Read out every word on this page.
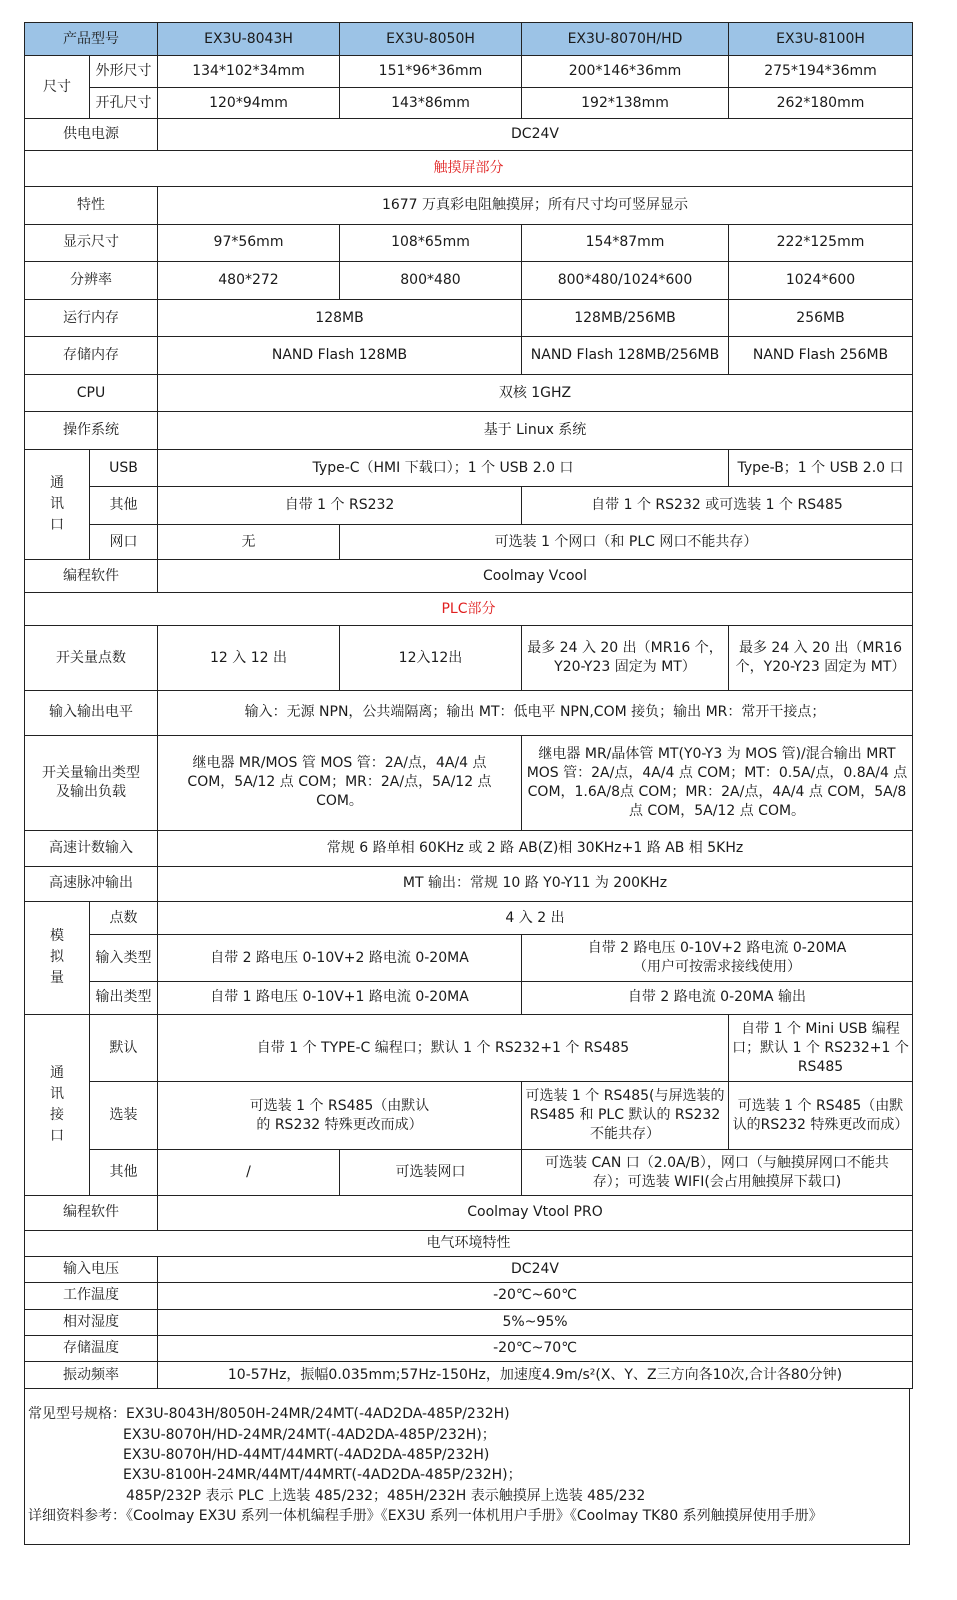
产品型号		EX3U-8043H	EX3U-8050H	EX3U-8070H/HD	EX3U-8100H
尺寸	外形尺寸	134*102*34mm	151*96*36mm	200*146*36mm	275*194*36mm
	开孔尺寸	120*94mm	143*86mm	192*138mm	262*180mm
供电电源		DC24V			
触摸屏部分					
特性		1677 万真彩电阻触摸屏；所有尺寸均可竖屏显示			
显示尺寸		97*56mm	108*65mm	154*87mm	222*125mm
分辨率		480*272	800*480	800*480/1024*600	1024*600
运行内存		128MB		128MB/256MB	256MB
存储内存		NAND Flash 128MB		NAND Flash 128MB/256MB	NAND Flash 256MB
CPU		双核 1GHZ			
操作系统		基于 Linux 系统			
通讯口	USB	Type-C（HMI 下载口）；1 个 USB 2.0 口			Type-B；1 个 USB 2.0 口
	其他	自带 1 个 RS232		自带 1 个 RS232 或可选装 1 个 RS485	
	网口	无	可选装 1 个网口（和 PLC 网口不能共存）		
编程软件		Coolmay Vcool			
PLC部分					
开关量点数		12 入 12 出	12入12出	最多 24 入 20 出（MR16 个，Y20-Y23 固定为 MT）	最多 24 入 20 出（MR16 个，Y20-Y23 固定为 MT）
输入输出电平		输入：无源 NPN，公共端隔离；输出 MT：低电平 NPN,COM 接负；输出 MR：常开干接点；			
开关量输出类型及输出负载		继电器 MR/MOS 管 MOS 管：2A/点，4A/4 点 COM，5A/12 点 COM；MR：2A/点，5A/12 点 COM。		继电器 MR/晶体管 MT(Y0-Y3 为 MOS 管)/混合输出 MRT MOS 管：2A/点，4A/4 点 COM；MT：0.5A/点，0.8A/4 点 COM，1.6A/8点 COM；MR：2A/点，4A/4 点 COM，5A/8 点 COM，5A/12 点 COM。	
高速计数输入		常规 6 路单相 60KHz 或 2 路 AB(Z)相 30KHz+1 路 AB 相 5KHz			
高速脉冲输出		MT 输出：常规 10 路 Y0-Y11 为 200KHz			
模拟量	点数	4 入 2 出			
	输入类型	自带 2 路电压 0-10V+2 路电流 0-20MA		自带 2 路电压 0-10V+2 路电流 0-20MA（用户可按需求接线使用）	
	输出类型	自带 1 路电压 0-10V+1 路电流 0-20MA		自带 2 路电流 0-20MA 输出	
通讯接口	默认	自带 1 个 TYPE-C 编程口；默认 1 个 RS232+1 个 RS485			自带 1 个 Mini USB 编程口；默认 1 个 RS232+1 个 RS485
	选装	可选装 1 个 RS485（由默认的 RS232 特殊更改而成）		可选装 1 个 RS485(与屏选装的 RS485 和 PLC 默认的 RS232 不能共存）	可选装 1 个 RS485（由默认的RS232 特殊更改而成）
	其他	/	可选装网口	可选装 CAN 口（2.0A/B），网口（与触摸屏网口不能共存）；可选装 WIFI(会占用触摸屏下载口)	
编程软件		Coolmay Vtool PRO			
电气环境特性					
输入电压		DC24V			
工作温度		-20℃~60℃			
相对湿度		5%~95%			
存储温度		-20℃~70℃			
振动频率		10-57Hz，振幅0.035mm;57Hz-150Hz，加速度4.9m/s²(X、Y、Z三方向各10次,合计各80分钟)			
常见型号规格：EX3U-8043H/8050H-24MR/24MT(-4AD2DA-485P/232H)
EX3U-8070H/HD-24MR/24MT(-4AD2DA-485P/232H)；
EX3U-8070H/HD-44MT/44MRT(-4AD2DA-485P/232H)
EX3U-8100H-24MR/44MT/44MRT(-4AD2DA-485P/232H)；
485P/232P 表示 PLC 上选装 485/232；485H/232H 表示触摸屏上选装 485/232
详细资料参考：《Coolmay EX3U 系列一体机编程手册》《EX3U 系列一体机用户手册》《Coolmay TK80 系列触摸屏使用手册》
